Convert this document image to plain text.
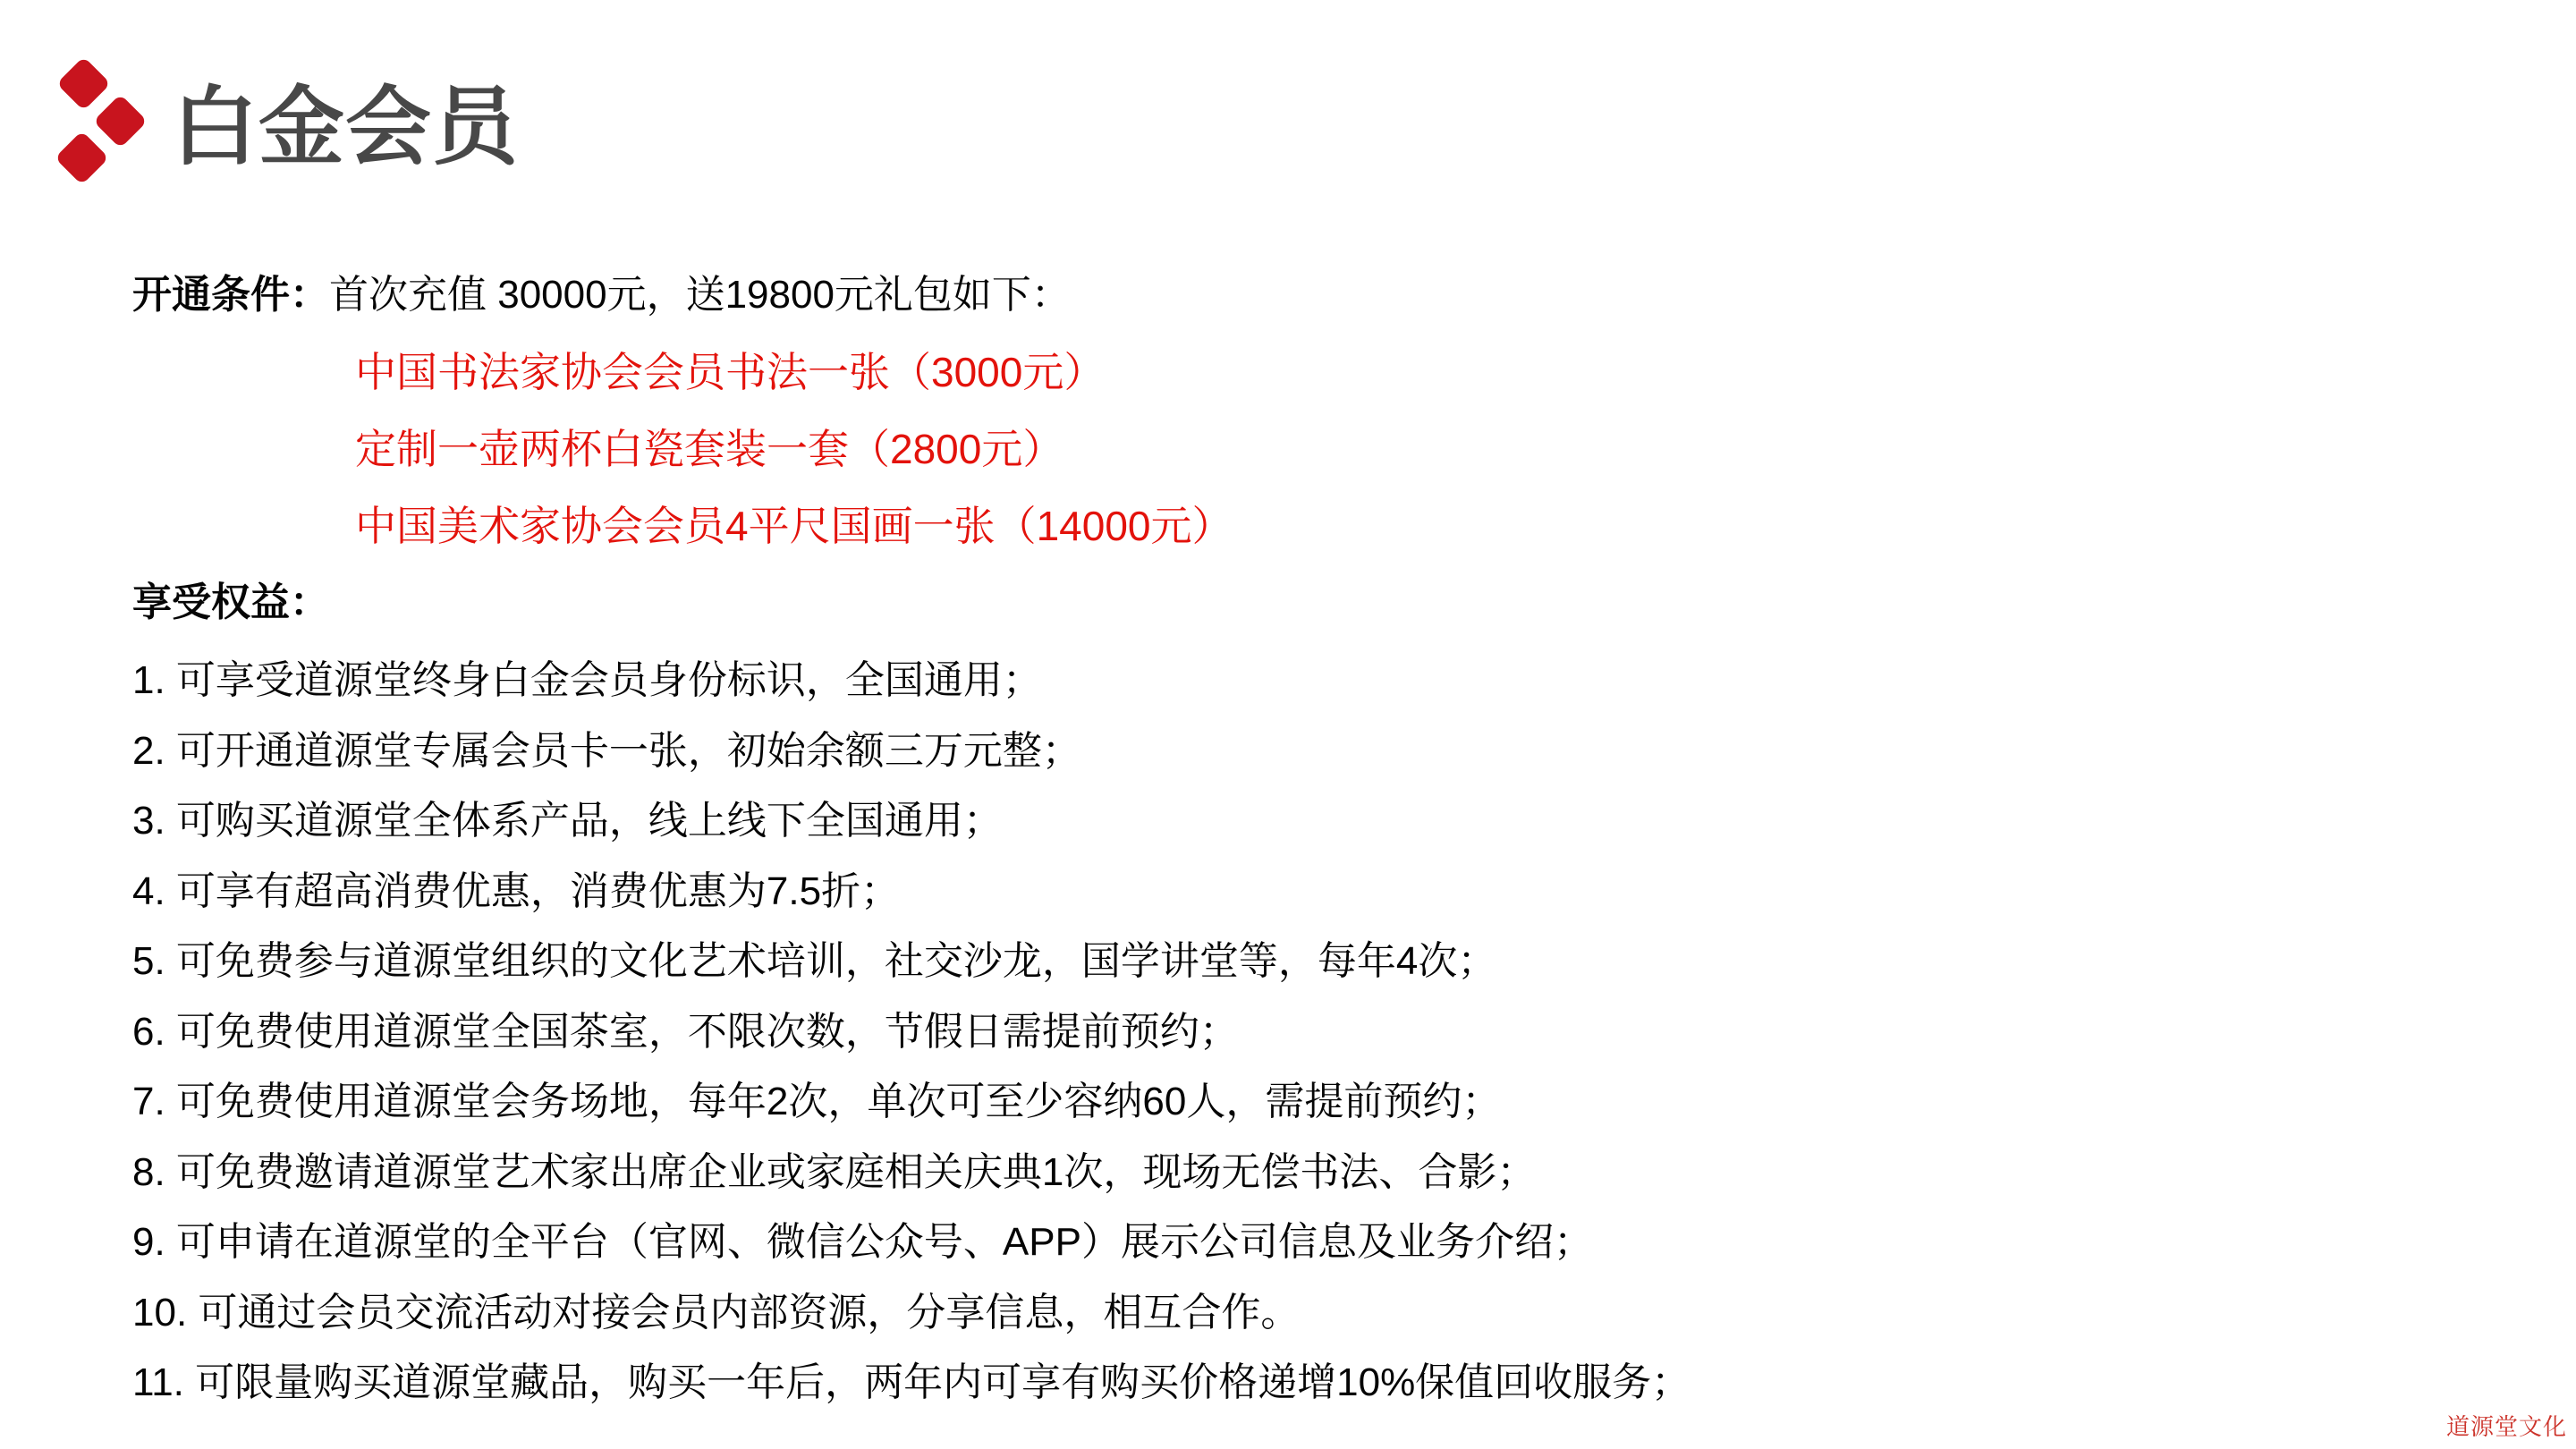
白金会员
开通条件：首次充值 30000元，送19800元礼包如下：
中国书法家协会会员书法一张（3000元）
定制一壶两杯白瓷套装一套（2800元）
中国美术家协会会员4平尺国画一张（14000元）
享受权益：
1. 可享受道源堂终身白金会员身份标识，全国通用；
2. 可开通道源堂专属会员卡一张，初始余额三万元整；
3. 可购买道源堂全体系产品，线上线下全国通用；
4. 可享有超高消费优惠，消费优惠为7.5折；
5. 可免费参与道源堂组织的文化艺术培训，社交沙龙，国学讲堂等，每年4次；
6. 可免费使用道源堂全国茶室，不限次数，节假日需提前预约；
7. 可免费使用道源堂会务场地，每年2次，单次可至少容纳60人，需提前预约；
8. 可免费邀请道源堂艺术家出席企业或家庭相关庆典1次，现场无偿书法、合影；
9. 可申请在道源堂的全平台（官网、微信公众号、APP）展示公司信息及业务介绍；
10. 可通过会员交流活动对接会员内部资源，分享信息，相互合作。
11. 可限量购买道源堂藏品，购买一年后，两年内可享有购买价格递增10%保值回收服务；
道源堂文化
